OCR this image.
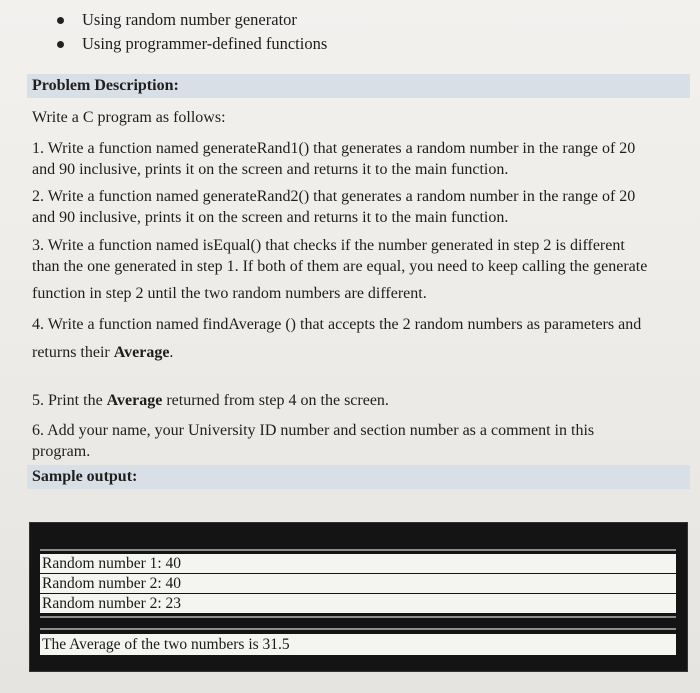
Using random number generator
Using programmer-defined functions
Problem Description:
Write a C program as follows:
1. Write a function named generateRand1() that generates a random number in the range of 20
and 90 inclusive, prints it on the screen and returns it to the main function.
2. Write a function named generateRand2() that generates a random number in the range of 20
and 90 inclusive, prints it on the screen and returns it to the main function.
3. Write a function named isEqual() that checks if the number generated in step 2 is different
than the one generated in step 1. If both of them are equal, you need to keep calling the generate
function in step 2 until the two random numbers are different.
4. Write a function named findAverage () that accepts the 2 random numbers as parameters and
returns their Average.
5. Print the Average returned from step 4 on the screen.
6. Add your name, your University ID number and section number as a comment in this
program.
Sample output:
Random number 1: 40
Random number 2: 40
Random number 2: 23
The Average of the two numbers is 31.5
